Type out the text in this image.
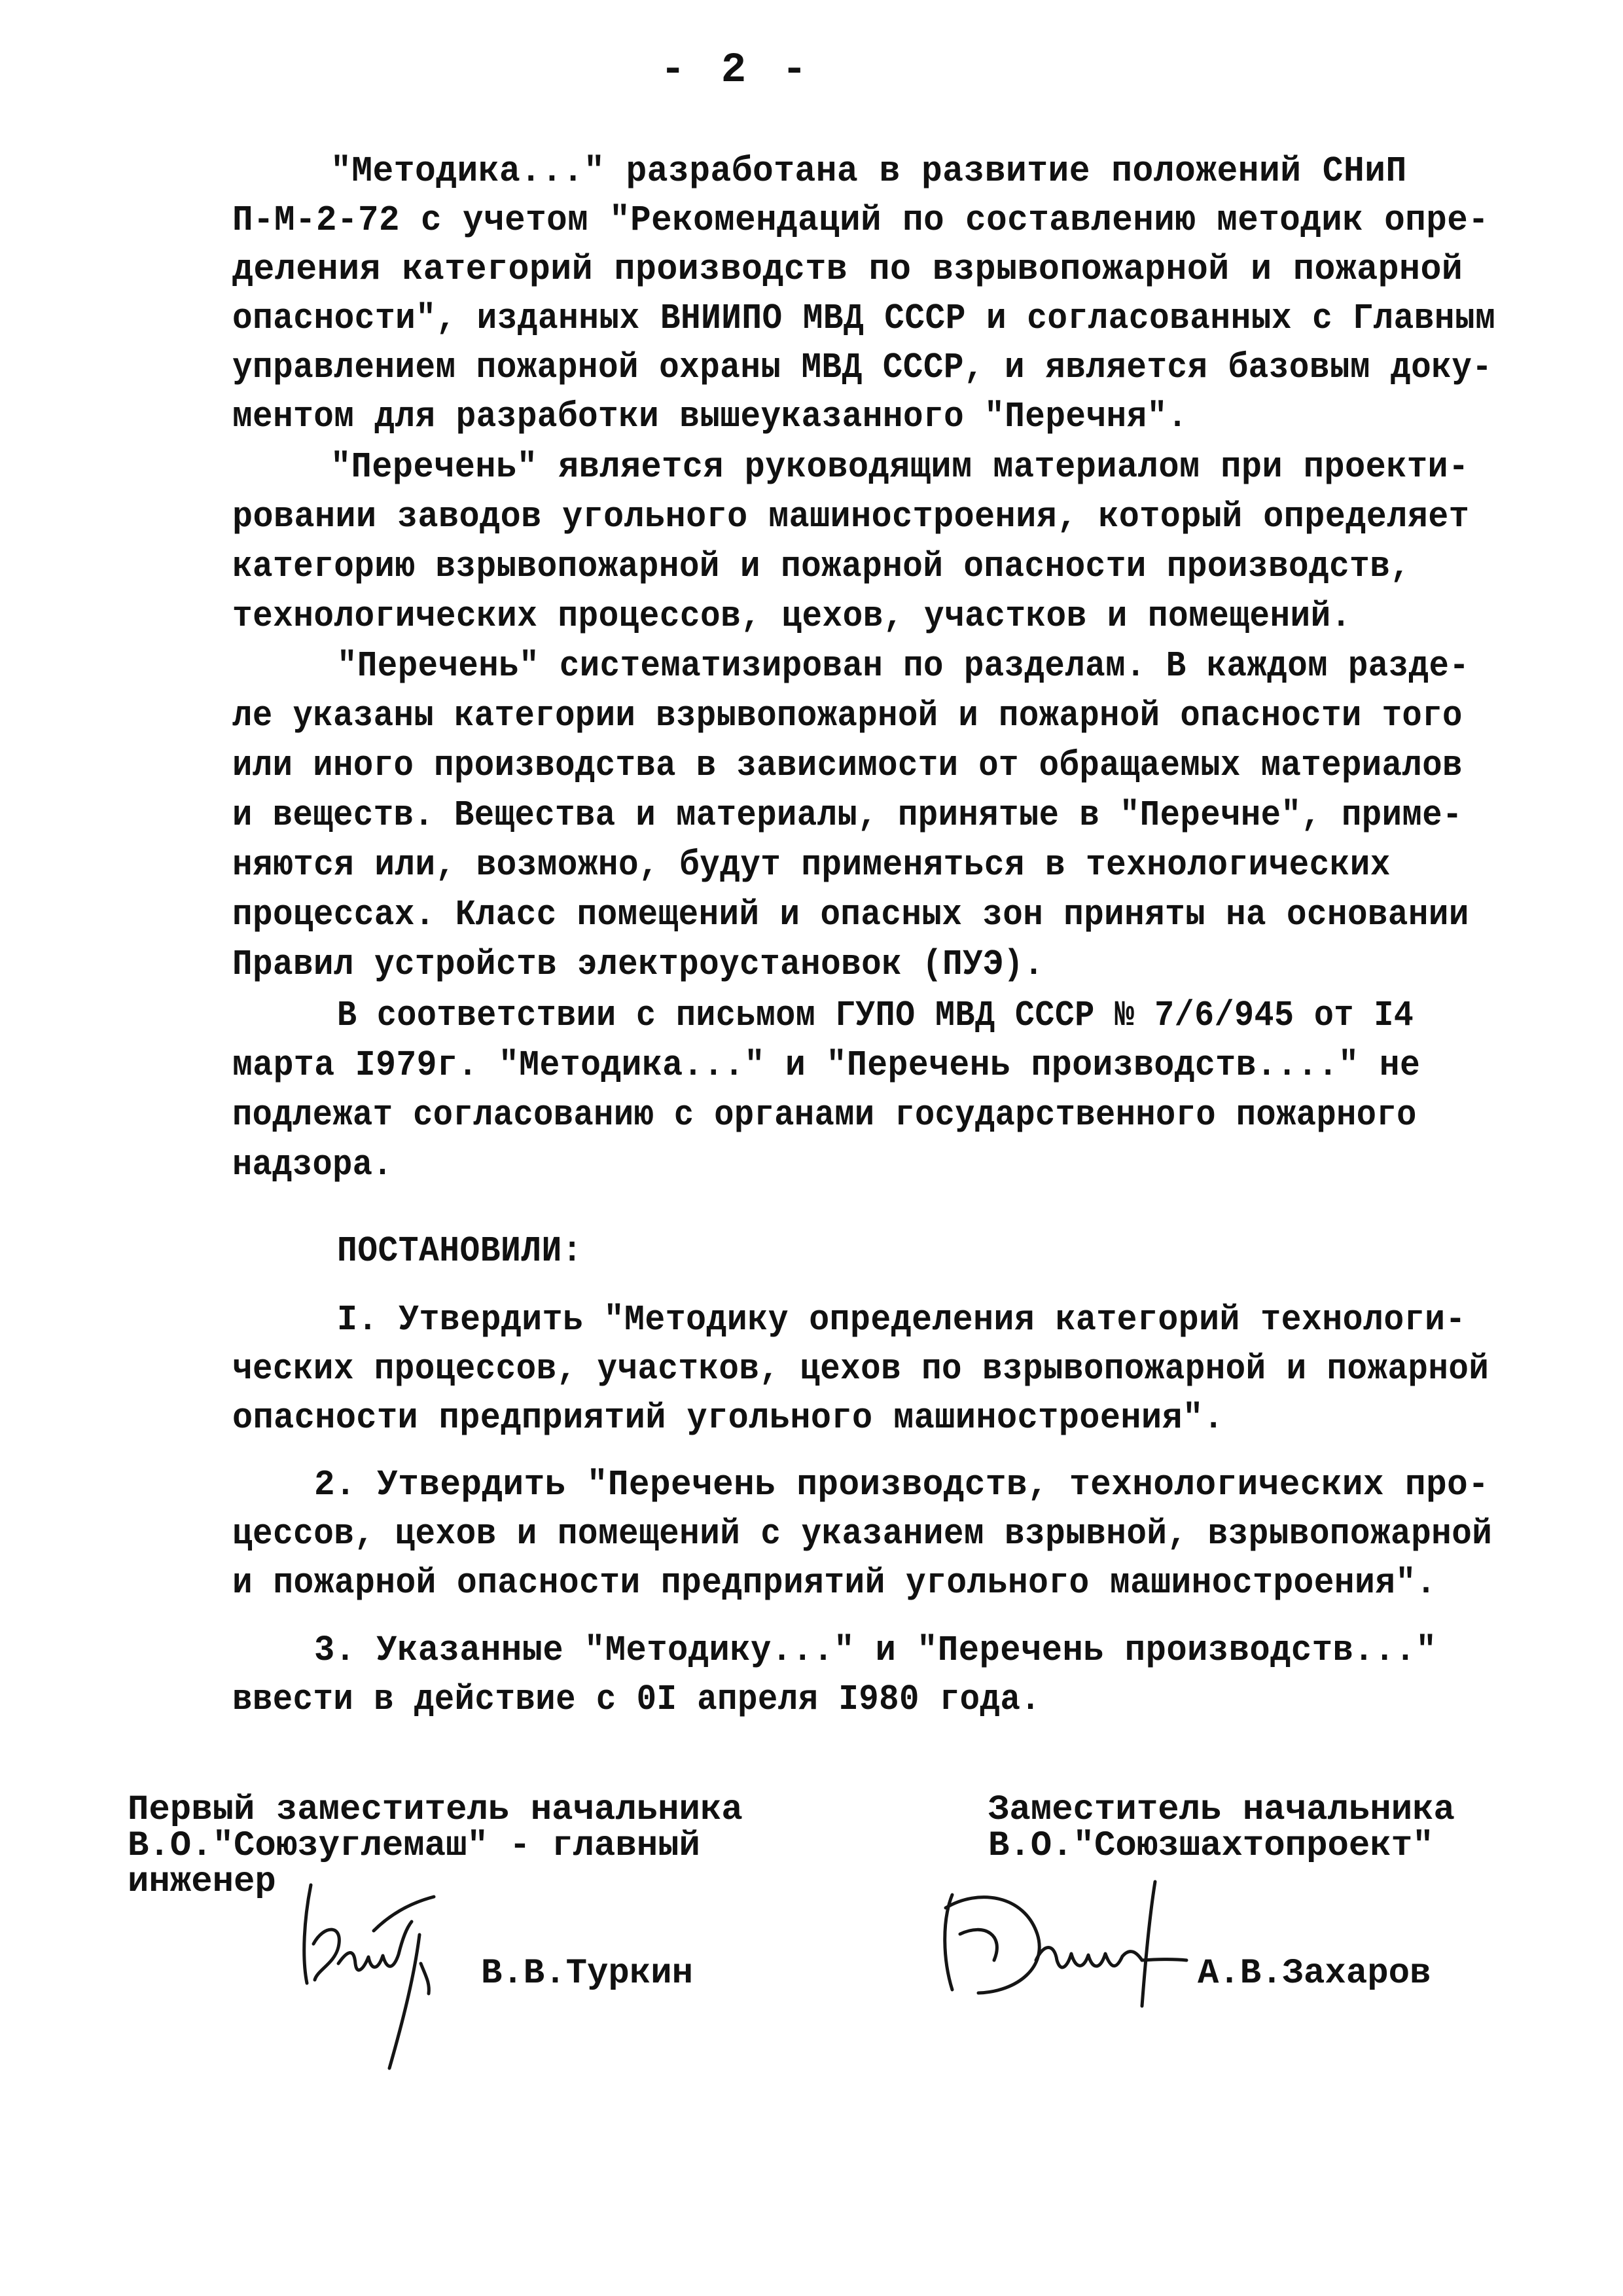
- 2 -
"Методика..." разработана в развитие положений СНиП
П-М-2-72 с учетом "Рекомендаций по составлению методик опре-
деления категорий производств по взрывопожарной и пожарной
опасности", изданных ВНИИПО МВД СССР и согласованных с Главным
управлением пожарной охраны МВД СССР, и является базовым доку-
ментом для разработки вышеуказанного "Перечня".
"Перечень" является руководящим материалом при проекти-
ровании заводов угольного машиностроения, который определяет
категорию взрывопожарной и пожарной опасности производств,
технологических процессов, цехов, участков и помещений.
"Перечень" систематизирован по разделам. В каждом разде-
ле указаны категории взрывопожарной и пожарной опасности того
или иного производства в зависимости от обращаемых материалов
и веществ. Вещества и материалы, принятые в "Перечне", приме-
няются или, возможно, будут применяться в технологических
процессах. Класс помещений и опасных зон приняты на основании
Правил устройств электроустановок (ПУЭ).
В соответствии с письмом ГУПО МВД СССР № 7/6/945 от I4
марта I979г. "Методика..." и "Перечень производств...." не
подлежат согласованию с органами государственного пожарного
надзора.
ПОСТАНОВИЛИ:
I. Утвердить "Методику определения категорий технологи-
ческих процессов, участков, цехов по взрывопожарной и пожарной
опасности предприятий угольного машиностроения".
2. Утвердить "Перечень производств, технологических про-
цессов, цехов и помещений с указанием взрывной, взрывопожарной
и пожарной опасности предприятий угольного машиностроения".
3. Указанные "Методику..." и "Перечень производств..."
ввести в действие с 0I апреля I980 года.
Первый заместитель начальника
В.О."Союзуглемаш" - главный
инженер
В.В.Туркин
Заместитель начальника
В.О."Союзшахтопроект"
А.В.Захаров
